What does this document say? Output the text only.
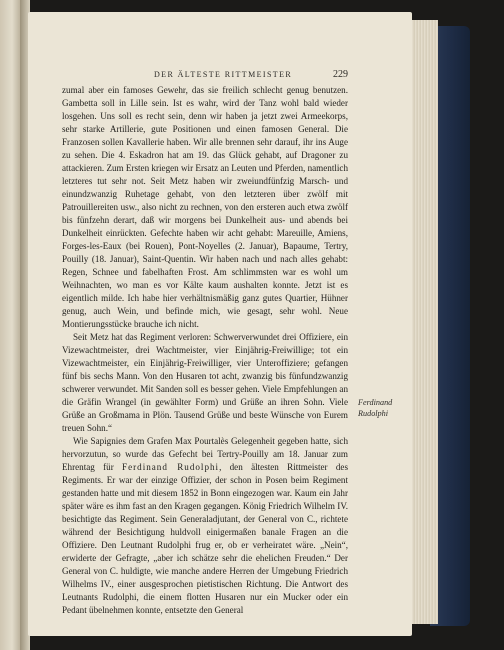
DER ÄLTESTE RITTMEISTER	229

zumal aber ein famoses Gewehr, das sie freilich schlecht genug benutzen. Gambetta soll in Lille sein. Ist es wahr, wird der Tanz wohl bald wieder losgehen. Uns soll es recht sein, denn wir haben ja jetzt zwei Armeekorps, sehr starke Artillerie, gute Positionen und einen famosen General. Die Franzosen sollen Kavallerie haben. Wir alle brennen sehr darauf, ihr ins Auge zu sehen. Die 4. Eskadron hat am 19. das Glück gehabt, auf Dragoner zu attackieren. Zum Ersten kriegen wir Ersatz an Leuten und Pferden, namentlich letzteres tut sehr not. Seit Metz haben wir zweiundfünfzig Marsch- und einundzwanzig Ruhetage gehabt, von den letzteren über zwölf mit Patrouillereiten usw., also nicht zu rechnen, von den ersteren auch etwa zwölf bis fünfzehn derart, daß wir morgens bei Dunkelheit aus- und abends bei Dunkelheit einrückten. Gefechte haben wir acht gehabt: Mareuille, Amiens, Forges-les-Eaux (bei Rouen), Pont-Noyelles (2. Januar), Bapaume, Tertry, Pouilly (18. Januar), Saint-Quentin. Wir haben nach und nach alles gehabt: Regen, Schnee und fabelhaften Frost. Am schlimmsten war es wohl um Weihnachten, wo man es vor Kälte kaum aushalten konnte. Jetzt ist es eigentlich milde. Ich habe hier verhältnismäßig ganz gutes Quartier, Hühner genug, auch Wein, und befinde mich, wie gesagt, sehr wohl. Neue Montierungsstücke brauche ich nicht.

Seit Metz hat das Regiment verloren: Schwerverwundet drei Offiziere, ein Vizewachtmeister, drei Wachtmeister, vier Einjährig-Freiwillige; tot ein Vizewachtmeister, ein Einjährig-Freiwilliger, vier Unteroffiziere; gefangen fünf bis sechs Mann. Von den Husaren tot acht, zwanzig bis fünfundzwanzig schwerer verwundet. Mit Sanden soll es besser gehen. Viele Empfehlungen an die Gräfin Wrangel (in gewählter Form) und Grüße an ihren Sohn. Viele Grüße an Großmama in Plön. Tausend Grüße und beste Wünsche von Eurem treuen Sohn.“

Wie Sapignies dem Grafen Max Pourtalès Gelegenheit gegeben hatte, sich hervorzutun, so wurde das Gefecht bei Tertry-Pouilly am 18. Januar zum Ehrentag für Ferdinand Rudolphi, den ältesten Rittmeister des Regiments. Er war der einzige Offizier, der schon in Posen beim Regiment gestanden hatte und mit diesem 1852 in Bonn eingezogen war. Kaum ein Jahr später wäre es ihm fast an den Kragen gegangen. König Friedrich Wilhelm IV. besichtigte das Regiment. Sein Generaladjutant, der General von C., richtete während der Besichtigung huldvoll einigermaßen banale Fragen an die Offiziere. Den Leutnant Rudolphi frug er, ob er verheiratet wäre. „Nein“, erwiderte der Gefragte, „aber ich schätze sehr die ehelichen Freuden.“ Der General von C. huldigte, wie manche andere Herren der Umgebung Friedrich Wilhelms IV., einer ausgesprochen pietistischen Richtung. Die Antwort des Leutnants Rudolphi, die einem flotten Husaren nur ein Mucker oder ein Pedant übelnehmen konnte, entsetzte den General

Ferdinand
Rudolphi
